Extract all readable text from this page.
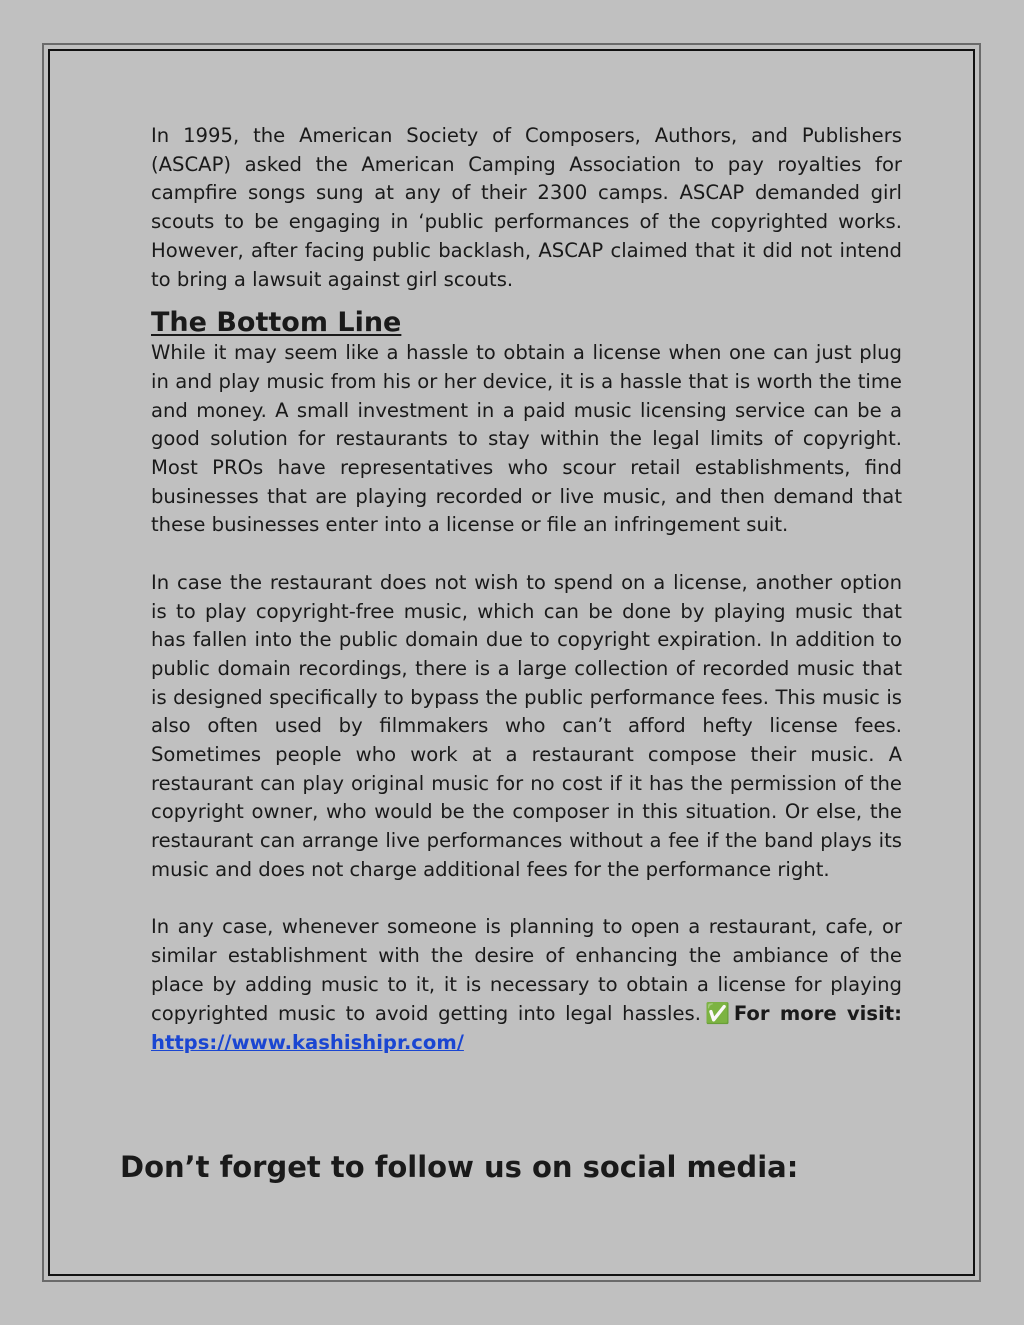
In 1995, the American Society of Composers, Authors, and Publishers (ASCAP) asked the American Camping Association to pay royalties for campfire songs sung at any of their 2300 camps. ASCAP demanded girl scouts to be engaging in ‘public performances of the copyrighted works. However, after facing public backlash, ASCAP claimed that it did not intend to bring a lawsuit against girl scouts.

The Bottom Line

While it may seem like a hassle to obtain a license when one can just plug in and play music from his or her device, it is a hassle that is worth the time and money. A small investment in a paid music licensing service can be a good solution for restaurants to stay within the legal limits of copyright. Most PROs have representatives who scour retail establishments, find businesses that are playing recorded or live music, and then demand that these businesses enter into a license or file an infringement suit.

In case the restaurant does not wish to spend on a license, another option is to play copyright-free music, which can be done by playing music that has fallen into the public domain due to copyright expiration. In addition to public domain recordings, there is a large collection of recorded music that is designed specifically to bypass the public performance fees. This music is also often used by filmmakers who can’t afford hefty license fees. Sometimes people who work at a restaurant compose their music. A restaurant can play original music for no cost if it has the permission of the copyright owner, who would be the composer in this situation. Or else, the restaurant can arrange live performances without a fee if the band plays its music and does not charge additional fees for the performance right.

In any case, whenever someone is planning to open a restaurant, cafe, or similar establishment with the desire of enhancing the ambiance of the place by adding music to it, it is necessary to obtain a license for playing copyrighted music to avoid getting into legal hassles. ✅ For more visit: https://www.kashishipr.com/

Don’t forget to follow us on social media:
